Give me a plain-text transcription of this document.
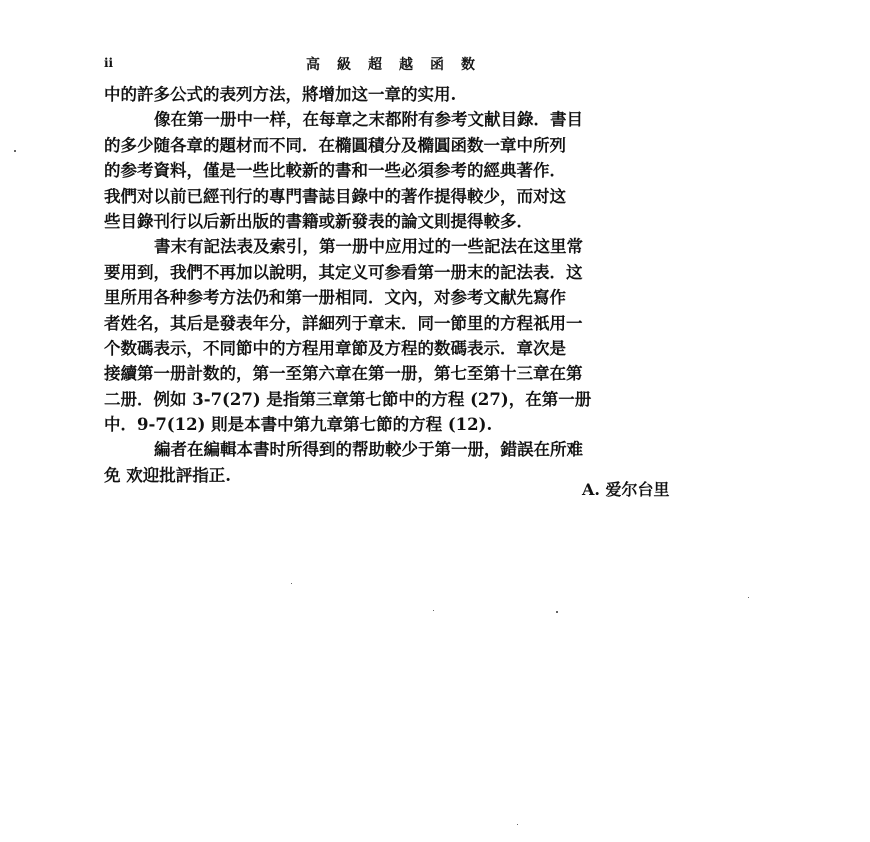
ii	高級超越函数
中的許多公式的表列方法，將增加这一章的实用.
像在第一册中一样，在每章之末都附有参考文献目錄．書目
的多少随各章的題材而不同．在橢圓積分及橢圓函数一章中所列
的参考資料，僅是一些比較新的書和一些必須参考的經典著作．
我們对以前已經刊行的專門書誌目錄中的著作提得較少，而对这
些目錄刊行以后新出版的書籍或新發表的論文則提得較多．
書末有記法表及索引，第一册中应用过的一些記法在这里常
要用到，我們不再加以說明，其定义可参看第一册末的記法表．这
里所用各种参考方法仍和第一册相同．文內，对参考文献先寫作
者姓名，其后是發表年分，詳細列于章末．同一節里的方程祇用一
个数碼表示，不同節中的方程用章節及方程的数碼表示．章次是
接續第一册計数的，第一至第六章在第一册，第七至第十三章在第
二册．例如 3-7(27) 是指第三章第七節中的方程 (27)，在第一册
中．9-7(12) 則是本書中第九章第七節的方程 (12).
編者在編輯本書时所得到的帮助較少于第一册，錯誤在所难
免 欢迎批評指正.
A. 爱尔台里
